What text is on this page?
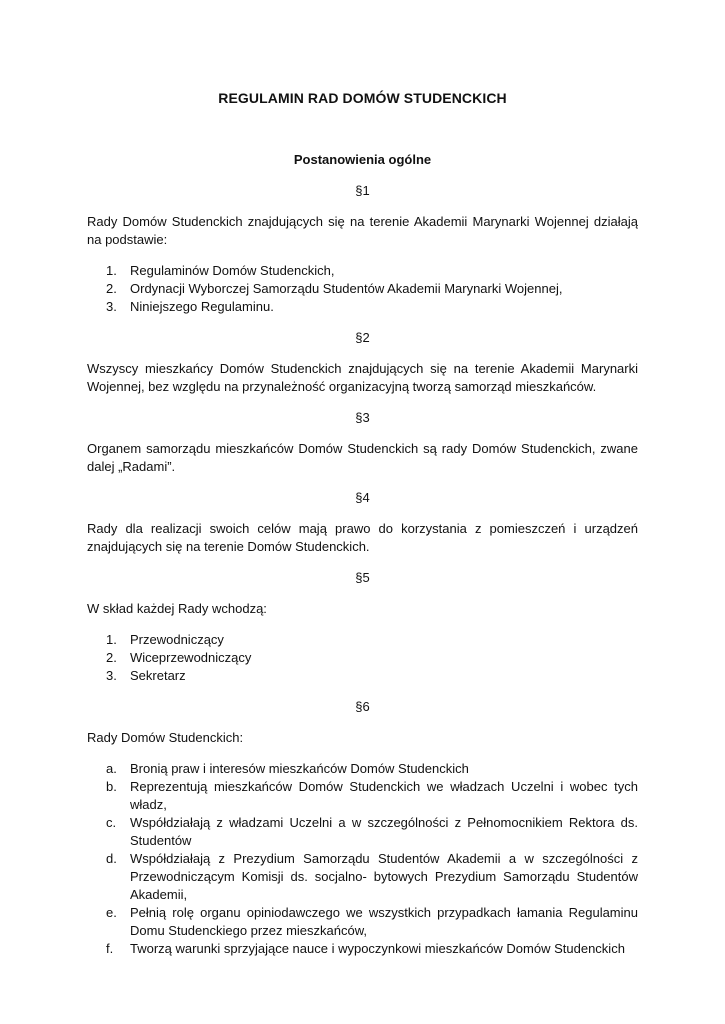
REGULAMIN RAD DOMÓW STUDENCKICH

Postanowienia ogólne

§1

Rady Domów Studenckich znajdujących się na terenie Akademii Marynarki Wojennej działają na podstawie:

1. Regulaminów Domów Studenckich,
2. Ordynacji Wyborczej Samorządu Studentów Akademii Marynarki Wojennej,
3. Niniejszego Regulaminu.

§2

Wszyscy mieszkańcy Domów Studenckich znajdujących się na terenie Akademii Marynarki Wojennej, bez względu na przynależność organizacyjną tworzą samorząd mieszkańców.

§3

Organem samorządu mieszkańców Domów Studenckich są rady Domów Studenckich, zwane dalej „Radami”.

§4

Rady dla realizacji swoich celów mają prawo do korzystania z pomieszczeń i urządzeń znajdujących się na terenie Domów Studenckich.

§5

W skład każdej Rady wchodzą:

1. Przewodniczący
2. Wiceprzewodniczący
3. Sekretarz

§6

Rady Domów Studenckich:

a. Bronią praw i interesów mieszkańców Domów Studenckich
b. Reprezentują mieszkańców Domów Studenckich we władzach Uczelni i wobec tych władz,
c. Współdziałają z władzami Uczelni a w szczególności z Pełnomocnikiem Rektora ds. Studentów
d. Współdziałają z Prezydium Samorządu Studentów Akademii a w szczególności z Przewodniczącym Komisji ds. socjalno- bytowych Prezydium Samorządu Studentów Akademii,
e. Pełnią rolę organu opiniodawczego we wszystkich przypadkach łamania Regulaminu Domu Studenckiego przez mieszkańców,
f. Tworzą warunki sprzyjające nauce i wypoczynkowi mieszkańców Domów Studenckich
